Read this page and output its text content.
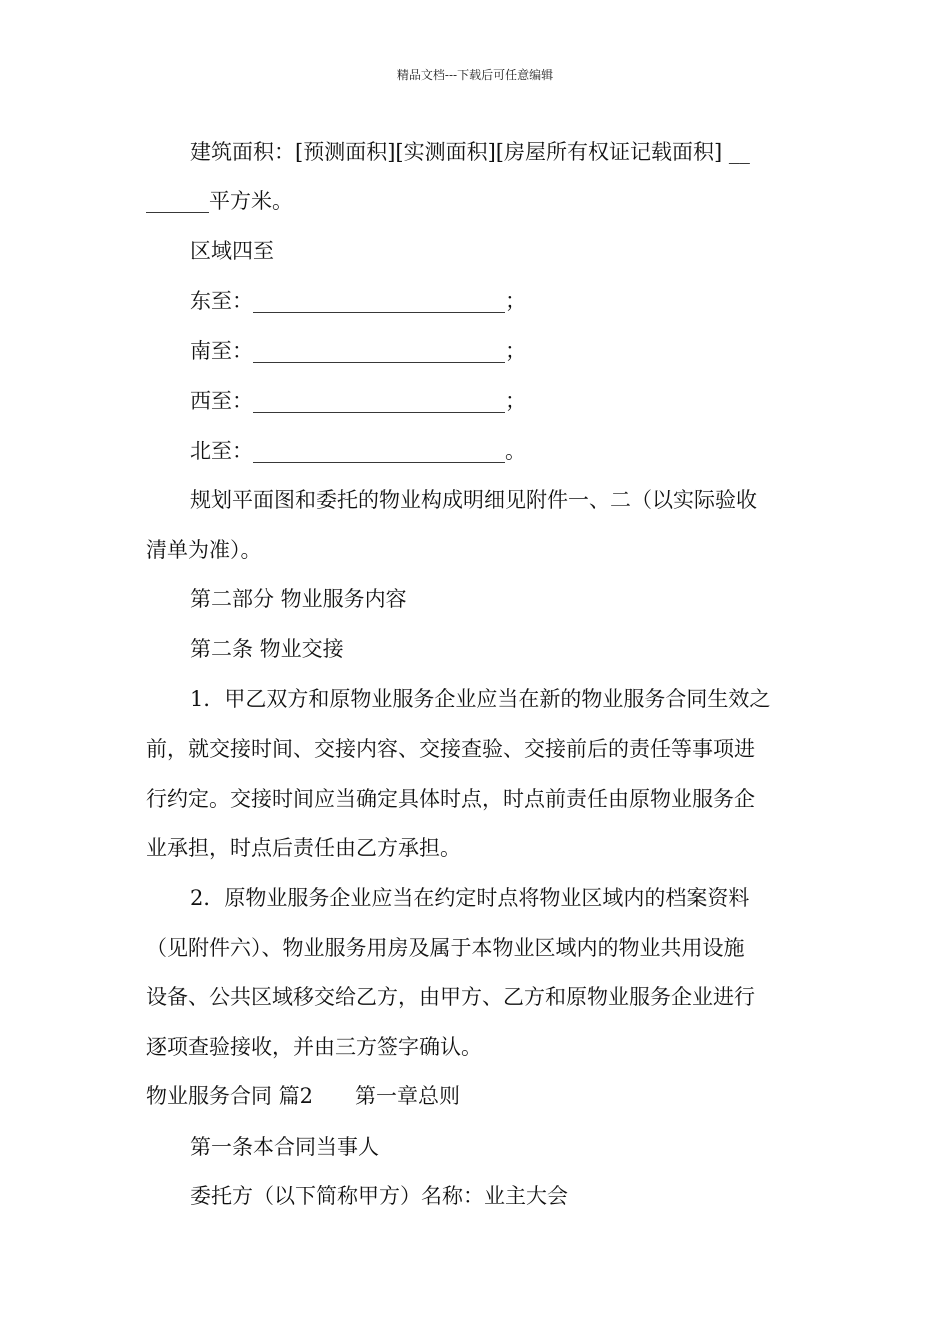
精品文档---下载后可任意编辑
建筑面积：[预测面积][实测面积][房屋所有权证记载面积] __
______平方米。
区域四至
东至：________________________；
南至：________________________；
西至：________________________；
北至：________________________。
规划平面图和委托的物业构成明细见附件一、二（以实际验收
清单为准）。
第二部分 物业服务内容
第二条 物业交接
1．甲乙双方和原物业服务企业应当在新的物业服务合同生效之
前，就交接时间、交接内容、交接查验、交接前后的责任等事项进
行约定。交接时间应当确定具体时点，时点前责任由原物业服务企
业承担，时点后责任由乙方承担。
2．原物业服务企业应当在约定时点将物业区域内的档案资料
（见附件六）、物业服务用房及属于本物业区域内的物业共用设施
设备、公共区域移交给乙方，由甲方、乙方和原物业服务企业进行
逐项查验接收，并由三方签字确认。
物业服务合同 篇2　　第一章总则
第一条本合同当事人
委托方（以下简称甲方）名称：业主大会
